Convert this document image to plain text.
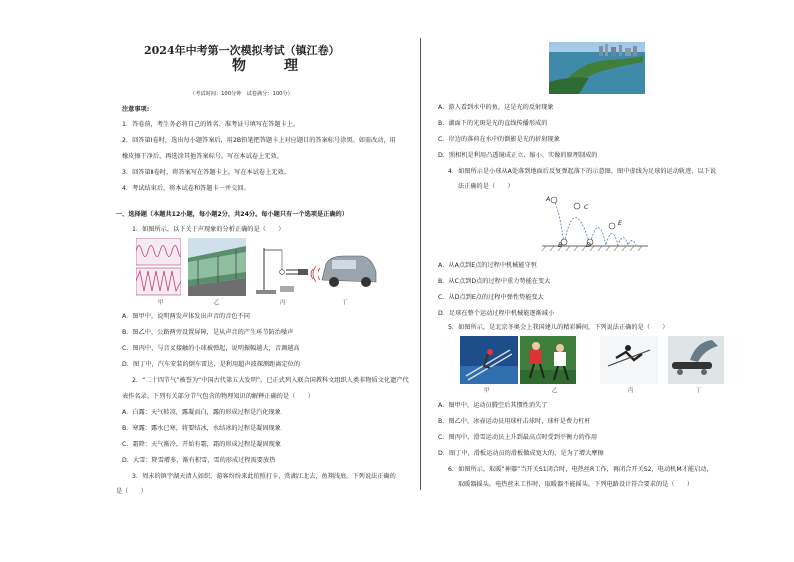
2024年中考第一次模拟考试（镇江卷）
物　理
（考试时间：100分钟　试卷满分：100分）
注意事项:
1．答卷前，考生务必将自己的姓名、准考证号填写在答题卡上。
2．回答第Ⅰ卷时，选出每小题答案后，用2B铅笔把答题卡上对应题目的答案标号涂黑。如需改动，用
橡皮擦干净后，再选涂其他答案标号。写在本试卷上无效。
3．回答第Ⅱ卷时，将答案写在答题卡上。写在本试卷上无效。
4．考试结束后，将本试卷和答题卡一并交回。
一、选择题（本题共12小题，每小题2分，共24分。每小题只有一个选项是正确的）
1．如图所示，以下关于声现象的分析正确的是（　　）
甲	乙	丙	丁
A．图甲中，说明两发声体发出声音的音色不同
B．图乙中，公路两旁设置屏障，是从声音的产生环节防治噪声
C．图丙中，与音叉接触的小球被弹起，说明振幅越大，音调越高
D．图丁中，汽车安装的倒车雷达，是利用超声波探测距离定位的
2．“二十四节气”被誉为“中国古代第五大发明”，已正式列入联合国教科文组织人类非物质文化遗产代
表作名录。下列有关部分节气包含的物理知识的解释正确的是（　　）
A．白露：天气转凉，露凝而白，露的形成过程是汽化现象
B．寒露：露水已寒，将要结冰，水结冰的过程是凝固现象
C．霜降：天气渐冷，开始有霜，霜的形成过程是凝固现象
D．大雪：降雪增多，渐有积雪，雪的形成过程需要放热
3．周末的镇宇湖天清人如织，游客纷纷来此拍照打卡，赏湖江北去，鱼翔浅底。下列说法正确的
是（　　）
A．游人看到水中的鱼，这是光的反射现象
B．湖面下的光斑是光的直线传播形成的
C．岸边的落荷在水中的倒影是光的折射现象
D．照相机是利用凸透镜成正立、缩小、实像的原理制成的
4．如图所示是小球从A处落到地面后反复弹起落下的示意图，图中虚线为足球的运动轨迹，以下说
法正确的是（　　）
A
B
C
D
E
A．从A点到E点的过程中机械能守恒
B．从C点到D点的过程中重力势能在变大
C．从D点到E点的过程中弹性势能变大
D．足球在整个运动过程中机械能逐渐减小
5．如图所示，是北京冬奥会上我国建儿的精彩瞬间，下列说法正确的是（　　）
甲	乙	丙	丁
A．图甲中，运动员腾空后其惯性消失了
B．图乙中，冰壶运动员用球杆击球时，球杆是费力杠杆
C．图丙中，滑雪运动员上升到最高点时受到平衡力的作用
D．图丁中，滑板运动员的滑板做成宽大的，是为了增大摩擦
6．如图所示，取暖“神器”当开关S1闭合时，电热丝R工作，再闭合开关S2，电动机M才能启动，
取暖器摇头。电热丝未工作时，取暖器不能摇头。下列电路设计符合要求的是（　　）
